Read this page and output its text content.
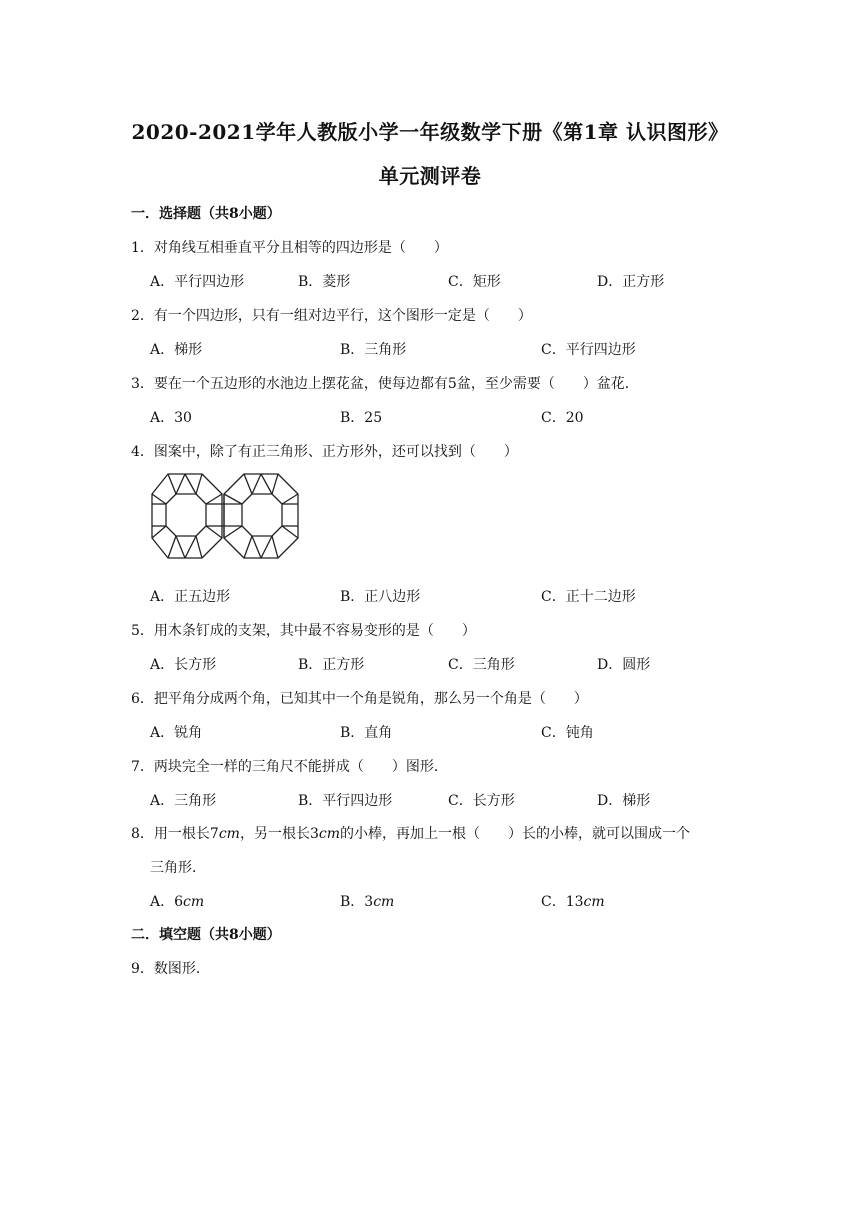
2020-2021学年人教版小学一年级数学下册《第1章 认识图形》
单元测评卷
一．选择题（共8小题）
1．对角线互相垂直平分且相等的四边形是（　　）
A．平行四边形	B．菱形	C．矩形	D．正方形
2．有一个四边形，只有一组对边平行，这个图形一定是（　　）
A．梯形	B．三角形	C．平行四边形
3．要在一个五边形的水池边上摆花盆，使每边都有5盆，至少需要（　　）盆花．
A．30	B．25	C．20
4．图案中，除了有正三角形、正方形外，还可以找到（　　）
A．正五边形	B．正八边形	C．正十二边形
5．用木条钉成的支架，其中最不容易变形的是（　　）
A．长方形	B．正方形	C．三角形	D．圆形
6．把平角分成两个角，已知其中一个角是锐角，那么另一个角是（　　）
A．锐角	B．直角	C．钝角
7．两块完全一样的三角尺不能拼成（　　）图形．
A．三角形	B．平行四边形	C．长方形	D．梯形
8．用一根长7cm，另一根长3cm的小棒，再加上一根（　　）长的小棒，就可以围成一个
三角形．
A．6cm	B．3cm	C．13cm
二．填空题（共8小题）
9．数图形．
